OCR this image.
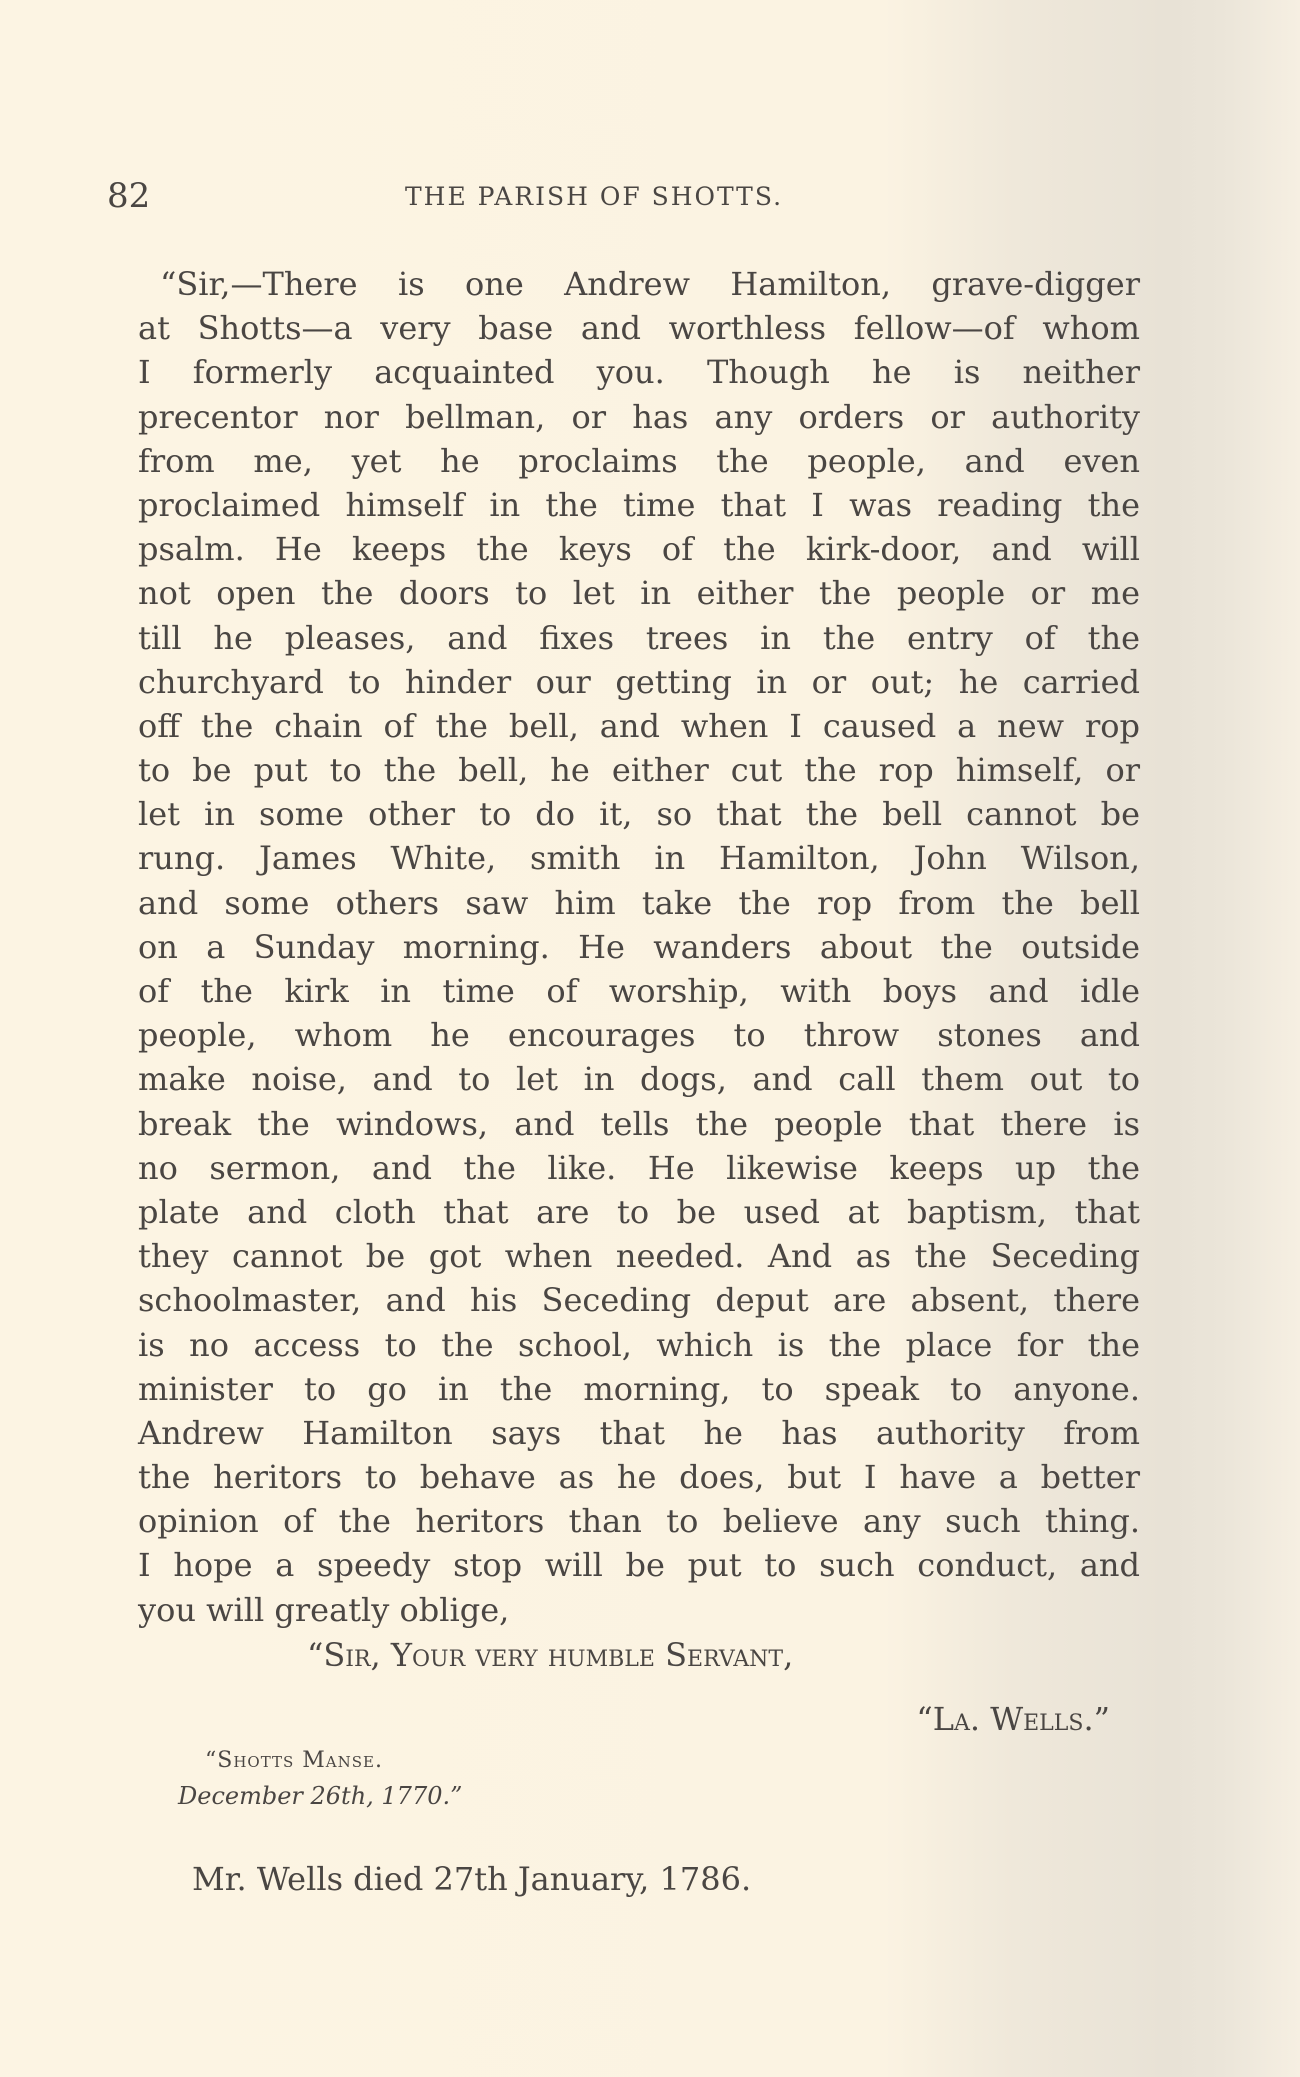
82	THE PARISH OF SHOTTS.
“Sir,—There is one Andrew Hamilton, grave-digger
at Shotts—a very base and worthless fellow—of whom
I formerly acquainted you. Though he is neither
precentor nor bellman, or has any orders or authority
from me, yet he proclaims the people, and even
proclaimed himself in the time that I was reading the
psalm. He keeps the keys of the kirk-door, and will
not open the doors to let in either the people or me
till he pleases, and fixes trees in the entry of the
churchyard to hinder our getting in or out; he carried
off the chain of the bell, and when I caused a new rop
to be put to the bell, he either cut the rop himself, or
let in some other to do it, so that the bell cannot be
rung. James White, smith in Hamilton, John Wilson,
and some others saw him take the rop from the bell
on a Sunday morning. He wanders about the outside
of the kirk in time of worship, with boys and idle
people, whom he encourages to throw stones and
make noise, and to let in dogs, and call them out to
break the windows, and tells the people that there is
no sermon, and the like. He likewise keeps up the
plate and cloth that are to be used at baptism, that
they cannot be got when needed. And as the Seceding
schoolmaster, and his Seceding deput are absent, there
is no access to the school, which is the place for the
minister to go in the morning, to speak to anyone.
Andrew Hamilton says that he has authority from
the heritors to behave as he does, but I have a better
opinion of the heritors than to believe any such thing.
I hope a speedy stop will be put to such conduct, and
you will greatly oblige,
“Sir, Your very humble Servant,
“La. Wells.”
“Shotts Manse.
December 26th, 1770.”
Mr. Wells died 27th January, 1786.
